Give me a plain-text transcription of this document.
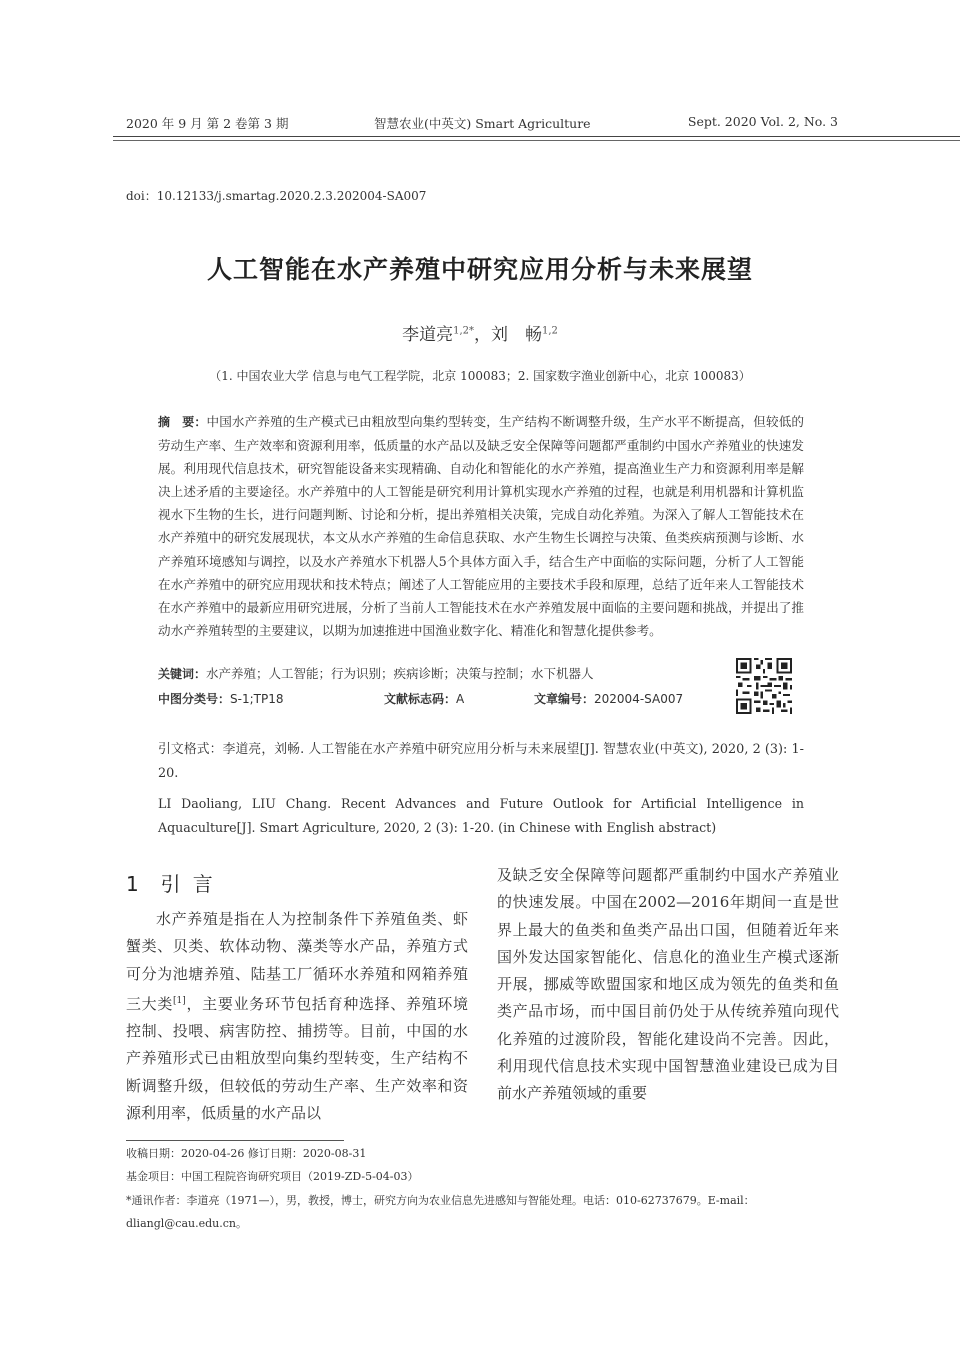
2020 年 9 月 第 2 卷第 3 期	智慧农业(中英文) Smart Agriculture	Sept. 2020 Vol. 2, No. 3
doi：10.12133/j.smartag.2020.2.3.202004-SA007
人工智能在水产养殖中研究应用分析与未来展望
李道亮$^{1,2*}$，刘　畅$^{1,2}$
（1. 中国农业大学 信息与电气工程学院，北京 100083；2. 国家数字渔业创新中心，北京 100083）
摘　要：中国水产养殖的生产模式已由粗放型向集约型转变，生产结构不断调整升级，生产水平不断提高，但较低的劳动生产率、生产效率和资源利用率，低质量的水产品以及缺乏安全保障等问题都严重制约中国水产养殖业的快速发展。利用现代信息技术，研究智能设备来实现精确、自动化和智能化的水产养殖，提高渔业生产力和资源利用率是解决上述矛盾的主要途径。水产养殖中的人工智能是研究利用计算机实现水产养殖的过程，也就是利用机器和计算机监视水下生物的生长，进行问题判断、讨论和分析，提出养殖相关决策，完成自动化养殖。为深入了解人工智能技术在水产养殖中的研究发展现状，本文从水产养殖的生命信息获取、水产生物生长调控与决策、鱼类疾病预测与诊断、水产养殖环境感知与调控，以及水产养殖水下机器人5个具体方面入手，结合生产中面临的实际问题，分析了人工智能在水产养殖中的研究应用现状和技术特点；阐述了人工智能应用的主要技术手段和原理，总结了近年来人工智能技术在水产养殖中的最新应用研究进展，分析了当前人工智能技术在水产养殖发展中面临的主要问题和挑战，并提出了推动水产养殖转型的主要建议，以期为加速推进中国渔业数字化、精准化和智慧化提供参考。
关键词：水产养殖；人工智能；行为识别；疾病诊断；决策与控制；水下机器人
中图分类号：S-1;TP18	文献标志码：A	文章编号：202004-SA007
引文格式：李道亮，刘畅. 人工智能在水产养殖中研究应用分析与未来展望[J]. 智慧农业(中英文), 2020, 2 (3): 1-20.
LI Daoliang, LIU Chang. Recent Advances and Future Outlook for Artificial Intelligence in Aquaculture[J]. Smart Agriculture, 2020, 2 (3): 1-20. (in Chinese with English abstract)
1 引 言
水产养殖是指在人为控制条件下养殖鱼类、虾蟹类、贝类、软体动物、藻类等水产品，养殖方式可分为池塘养殖、陆基工厂循环水养殖和网箱养殖三大类[1]，主要业务环节包括育种选择、养殖环境控制、投喂、病害防控、捕捞等。目前，中国的水产养殖形式已由粗放型向集约型转变，生产结构不断调整升级，但较低的劳动生产率、生产效率和资源利用率，低质量的水产品以
及缺乏安全保障等问题都严重制约中国水产养殖业的快速发展。中国在2002—2016年期间一直是世界上最大的鱼类和鱼类产品出口国，但随着近年来国外发达国家智能化、信息化的渔业生产模式逐渐开展，挪威等欧盟国家和地区成为领先的鱼类和鱼类产品市场，而中国目前仍处于从传统养殖向现代化养殖的过渡阶段，智能化建设尚不完善。因此，利用现代信息技术实现中国智慧渔业建设已成为目前水产养殖领域的重要
收稿日期：2020-04-26 修订日期：2020-08-31
基金项目：中国工程院咨询研究项目（2019-ZD-5-04-03）
*通讯作者：李道亮（1971—），男，教授，博士，研究方向为农业信息先进感知与智能处理。电话：010-62737679。E-mail：
dliangl@cau.edu.cn。
